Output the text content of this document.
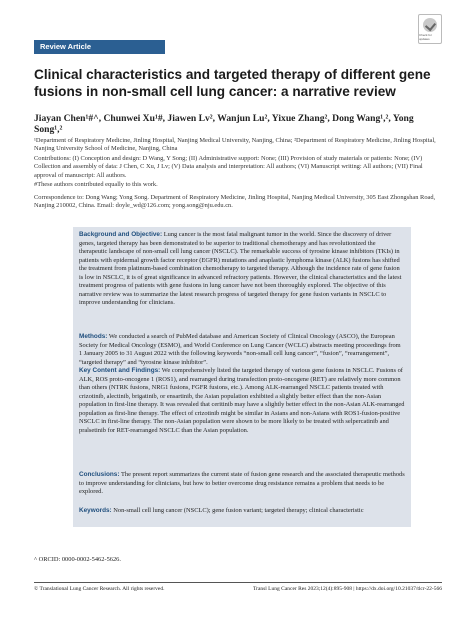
Review Article
Check for updates
Clinical characteristics and targeted therapy of different gene fusions in non-small cell lung cancer: a narrative review

Jiayan Chen¹#^, Chunwei Xu¹#, Jiawen Lv², Wanjun Lu², Yixue Zhang², Dong Wang¹,², Yong Song¹,²

¹Department of Respiratory Medicine, Jinling Hospital, Nanjing Medical University, Nanjing, China; ²Department of Respiratory Medicine, Jinling Hospital, Nanjing University School of Medicine, Nanjing, China

Contributions: (I) Conception and design: D Wang, Y Song; (II) Administrative support: None; (III) Provision of study materials or patients: None; (IV) Collection and assembly of data: J Chen, C Xu, J Lv; (V) Data analysis and interpretation: All authors; (VI) Manuscript writing: All authors; (VII) Final approval of manuscript: All authors.

#These authors contributed equally to this work.

Correspondence to: Dong Wang; Yong Song. Department of Respiratory Medicine, Jinling Hospital, Nanjing Medical University, 305 East Zhongshan Road, Nanjing 210002, China. Email: doyle_wd@126.com; yong.song@nju.edu.cn.

Background and Objective: Lung cancer is the most fatal malignant tumor in the world. Since the discovery of driver genes, targeted therapy has been demonstrated to be superior to traditional chemotherapy and has revolutionized the therapeutic landscape of non-small cell lung cancer (NSCLC). The remarkable success of tyrosine kinase inhibitors (TKIs) in patients with epidermal growth factor receptor (EGFR) mutations and anaplastic lymphoma kinase (ALK) fusions has shifted the treatment from platinum-based combination chemotherapy to targeted therapy. Although the incidence rate of gene fusion is low in NSCLC, it is of great significance in advanced refractory patients. However, the clinical characteristics and the latest treatment progress of patients with gene fusions in lung cancer have not been thoroughly explored. The objective of this narrative review was to summarize the latest research progress of targeted therapy for gene fusion variants in NSCLC to improve understanding for clinicians.

Methods: We conducted a search of PubMed database and American Society of Clinical Oncology (ASCO), the European Society for Medical Oncology (ESMO), and World Conference on Lung Cancer (WCLC) abstracts meeting proceedings from 1 January 2005 to 31 August 2022 with the following keywords “non-small cell lung cancer”, “fusion”, “rearrangement”, “targeted therapy” and “tyrosine kinase inhibitor”.

Key Content and Findings: We comprehensively listed the targeted therapy of various gene fusions in NSCLC. Fusions of ALK, ROS proto-oncogene 1 (ROS1), and rearranged during transfection proto-oncogene (RET) are relatively more common than others (NTRK fusions, NRG1 fusions, FGFR fusions, etc.). Among ALK-rearranged NSCLC patients treated with crizotinib, alectinib, brigatinib, or ensartinib, the Asian population exhibited a slightly better effect than the non-Asian population in first-line therapy. It was revealed that ceritinib may have a slightly better effect in the non-Asian ALK-rearranged population as first-line therapy. The effect of crizotinib might be similar in Asians and non-Asians with ROS1-fusion-positive NSCLC in first-line therapy. The non-Asian population were shown to be more likely to be treated with selpercatinib and pralsetinib for RET-rearranged NSCLC than the Asian population.

Conclusions: The present report summarizes the current state of fusion gene research and the associated therapeutic methods to improve understanding for clinicians, but how to better overcome drug resistance remains a problem that needs to be explored.

Keywords: Non-small cell lung cancer (NSCLC); gene fusion variant; targeted therapy; clinical characteristic

^ ORCID: 0000-0002-5462-5626.
© Translational Lung Cancer Research. All rights reserved.	Transl Lung Cancer Res 2023;12(4):895-908 | https://dx.doi.org/10.21037/tlcr-22-566
